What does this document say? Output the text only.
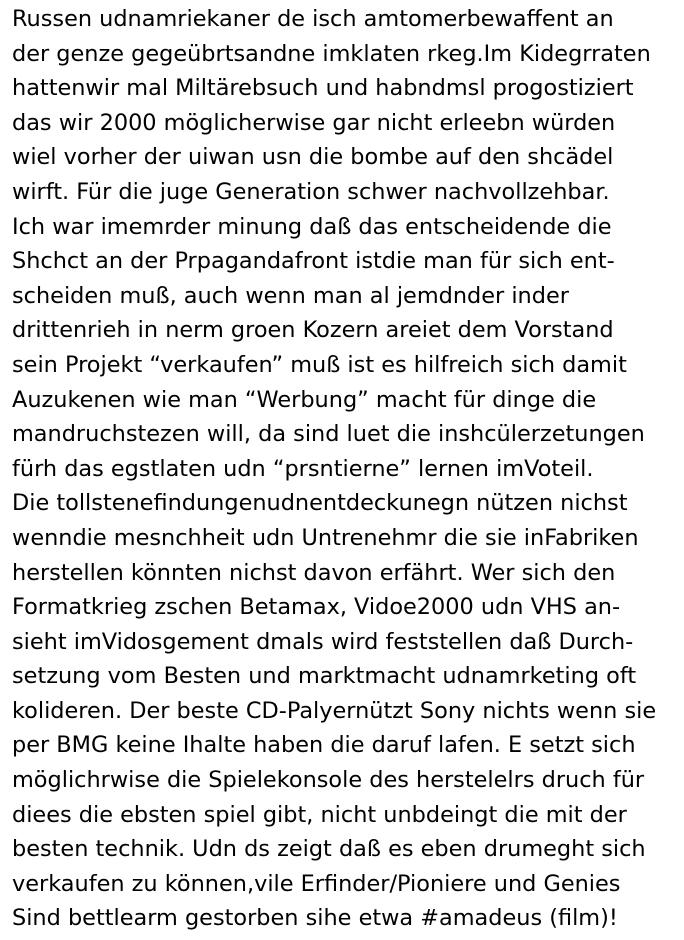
Russen udnamriekaner de isch amtomerbewaffent an
der genze gegeübrtsandne imklaten rkeg.Im Kidegrraten
hattenwir mal Miltärebsuch und habndmsl progostiziert
das wir 2000 möglicherwise gar nicht erleebn würden
wiel vorher der uiwan usn die bombe auf den shcädel
wirft. Für die juge Generation schwer nachvollzehbar.
Ich war imemrder minung daß das entscheidende die
Shchct an der Prpagandafront istdie man für sich ent-
scheiden muß, auch wenn man al jemdnder inder
drittenrieh in nerm groen Kozern areiet dem Vorstand
sein Projekt “verkaufen” muß ist es hilfreich sich damit
Auzukenen wie man “Werbung” macht für dinge die
mandruchstezen will, da sind luet die inshcülerzetungen
fürh das egstlaten udn “prsntierne” lernen imVoteil.
Die tollstenefindungenudnentdeckunegn nützen nichst
wenndie mesnchheit udn Untrenehmr die sie inFabriken
herstellen könnten nichst davon erfährt. Wer sich den
Formatkrieg zschen Betamax, Vidoe2000 udn VHS an-
sieht imVidosgement dmals wird feststellen daß Durch-
setzung vom Besten und marktmacht udnamrketing oft
kolideren. Der beste CD-Palyernützt Sony nichts wenn sie
per BMG keine Ihalte haben die daruf lafen. E setzt sich
möglichrwise die Spielekonsole des herstelelrs druch für
diees die ebsten spiel gibt, nicht unbdeingt die mit der
besten technik. Udn ds zeigt daß es eben drumeght sich
verkaufen zu können,vile Erfinder/Pioniere und Genies
Sind bettlearm gestorben sihe etwa #amadeus (film)!
